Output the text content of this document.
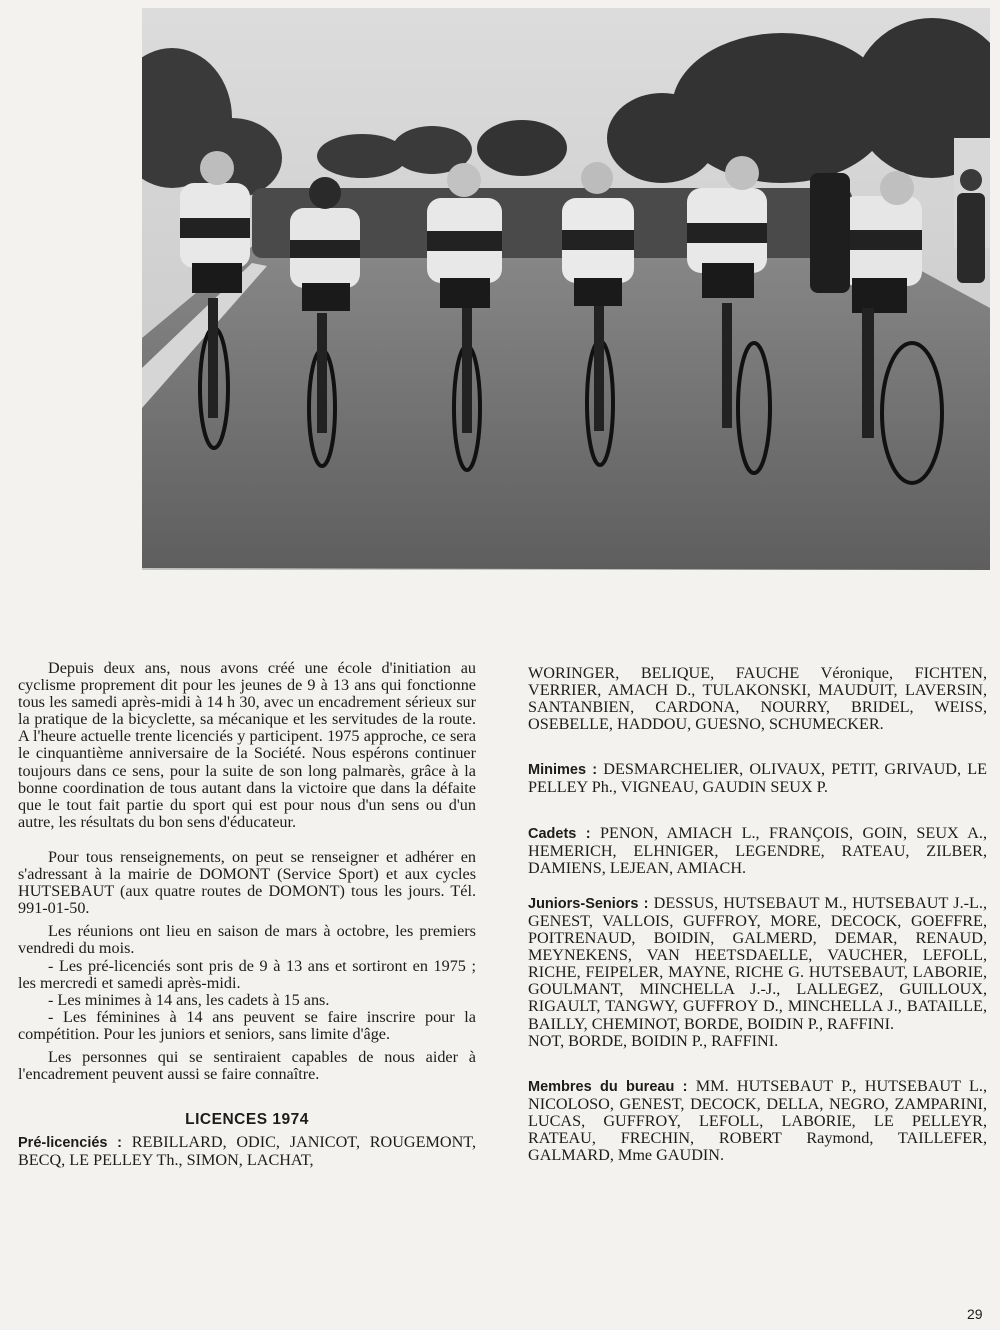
Depuis deux ans, nous avons créé une école d'initiation au cyclisme proprement dit pour les jeunes de 9 à 13 ans qui fonctionne tous les samedi après-midi à 14 h 30, avec un encadrement sérieux sur la pratique de la bicyclette, sa mécanique et les servitudes de la route. A l'heure actuelle trente licenciés y participent. 1975 approche, ce sera le cinquantième anniversaire de la Société. Nous espérons continuer toujours dans ce sens, pour la suite de son long palmarès, grâce à la bonne coordination de tous autant dans la victoire que dans la défaite que le tout fait partie du sport qui est pour nous d'un sens ou d'un autre, les résultats du bon sens d'éducateur.

Pour tous renseignements, on peut se renseigner et adhérer en s'adressant à la mairie de DOMONT (Service Sport) et aux cycles HUTSEBAUT (aux quatre routes de DOMONT) tous les jours. Tél. 991-01-50.

Les réunions ont lieu en saison de mars à octobre, les premiers vendredi du mois.

- Les pré-licenciés sont pris de 9 à 13 ans et sortiront en 1975 ; les mercredi et samedi après-midi.

- Les minimes à 14 ans, les cadets à 15 ans.

- Les féminines à 14 ans peuvent se faire inscrire pour la compétition. Pour les juniors et seniors, sans limite d'âge.

Les personnes qui se sentiraient capables de nous aider à l'encadrement peuvent aussi se faire connaître.

LICENCES 1974

Pré-licenciés : REBILLARD, ODIC, JANICOT, ROUGEMONT, BECQ, LE PELLEY Th., SIMON, LACHAT,

WORINGER, BELIQUE, FAUCHE Véronique, FICHTEN, VERRIER, AMACH D., TULAKONSKI, MAUDUIT, LAVERSIN, SANTANBIEN, CARDONA, NOURRY, BRIDEL, WEISS, OSEBELLE, HADDOU, GUESNO, SCHUMECKER.

Minimes : DESMARCHELIER, OLIVAUX, PETIT, GRIVAUD, LE PELLEY Ph., VIGNEAU, GAUDIN SEUX P.

Cadets : PENON, AMIACH L., FRANÇOIS, GOIN, SEUX A., HEMERICH, ELHNIGER, LEGENDRE, RATEAU, ZILBER, DAMIENS, LEJEAN, AMIACH.

Juniors-Seniors : DESSUS, HUTSEBAUT M., HUTSEBAUT J.-L., GENEST, VALLOIS, GUFFROY, MORE, DECOCK, GOEFFRE, POITRENAUD, BOIDIN, GALMERD, DEMAR, RENAUD, MEYNEKENS, VAN HEETSDAELLE, VAUCHER, LEFOLL, RICHE, FEIPELER, MAYNE, RICHE G. HUTSEBAUT, LABORIE, GOULMANT, MINCHELLA J.-J., LALLEGEZ, GUILLOUX, RIGAULT, TANGWY, GUFFROY D., MINCHELLA J., BATAILLE, BAILLY, CHEMINOT, BORDE, BOIDIN P., RAFFINI.

NOT, BORDE, BOIDIN P., RAFFINI.

Membres du bureau : MM. HUTSEBAUT P., HUTSEBAUT L., NICOLOSO, GENEST, DECOCK, DELLA, NEGRO, ZAMPARINI, LUCAS, GUFFROY, LEFOLL, LABORIE, LE PELLEYR, RATEAU, FRECHIN, ROBERT Raymond, TAILLEFER, GALMARD, Mme GAUDIN.

29
